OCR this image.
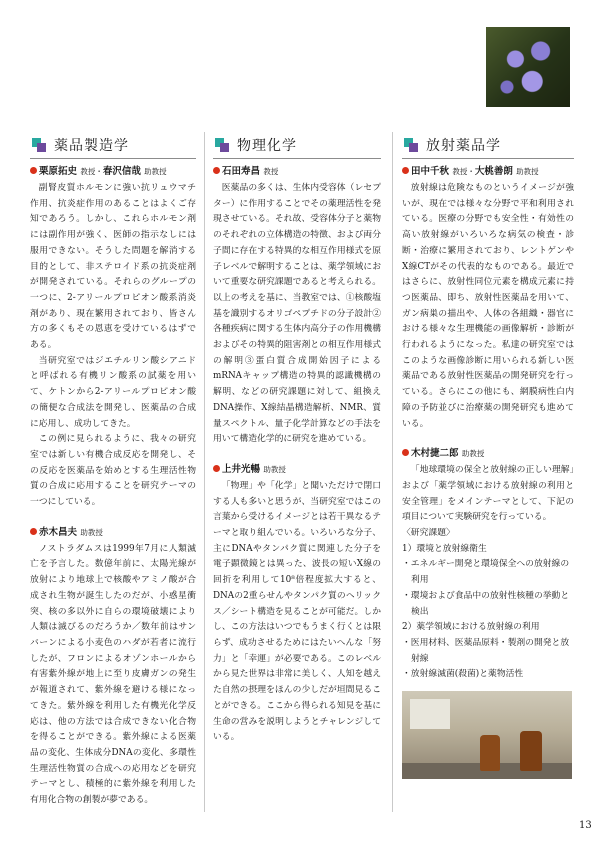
薬品製造学
栗原拓史 教授・春沢信哉 助教授

副腎皮質ホルモンに強い抗リュウマチ作用、抗炎症作用のあることはよくご存知であろう。しかし、これらホルモン剤には副作用が強く、医師の指示なしには服用できない。そうした問題を解消する目的として、非ステロイド系の抗炎症剤が開発されている。それらのグループの一つに、2-アリールプロピオン酸系消炎剤があり、現在繁用されており、皆さん方の多くもその恩恵を受けているはずである。

当研究室ではジエチルリン酸シアニドと呼ばれる有機リン酸系の試薬を用いて、ケトンから2-アリールプロピオン酸の簡便な合成法を開発し、医薬品の合成に応用し、成功してきた。

この例に見られるように、我々の研究室では新しい有機合成反応を開発し、その反応を医薬品を始めとする生理活性物質の合成に応用することを研究テーマの一つにしている。

赤木昌夫 助教授

ノストラダムスは1999年7月に人類滅亡を予言した。数億年前に、太陽光線が放射により地球上で核酸やアミノ酸が合成され生物が誕生したのだが、小惑星衝突、核の多以外に自らの環境破壊により人類は滅びるのだろうか／数年前はサンバーンによる小麦色のハダが若者に流行したが、フロンによるオゾンホールから有害紫外線が地上に至り皮膚ガンの発生が報道されて、紫外線を避ける様になってきた。紫外線を利用した有機光化学反応は、他の方法では合成できない化合物を得ることができる。紫外線による医薬品の変化、生体成分DNAの変化、多環性生理活性物質の合成への応用などを研究テーマとし、積極的に紫外線を利用した有用化合物の創製が夢である。

物理化学
石田寿昌 教授

医薬品の多くは、生体内受容体（レセプター）に作用することでその薬理活性を発現させている。それ故、受容体分子と薬物のそれぞれの立体構造の特徴、および両分子間に存在する特異的な相互作用様式を原子レベルで解明することは、薬学領域において重要な研究課題であると考えられる。以上の考えを基に、当教室では、①核酸塩基を識別するオリゴペプチドの分子設計②各種疾病に関する生体内高分子の作用機構およびその特異的阻害剤との相互作用様式の解明③蛋白質合成開始因子によるmRNAキャップ構造の特異的認識機構の解明、などの研究課題に対して、組換えDNA操作、X線結晶構造解析、NMR、質量スペクトル、量子化学計算などの手法を用いて構造化学的に研究を進めている。

上井光暢 助教授

「物理」や「化学」と聞いただけで閉口する人も多いと思うが、当研究室ではこの言葉から受けるイメージとは若干異なるテーマと取り組んでいる。いろいろな分子、主にDNAやタンパク質に関連した分子を電子顕微鏡とは異った、波長の短いX線の回折を利用して10⁸倍程度拡大すると、DNAの2重らせんやタンパク質のヘリックス／シート構造を見ることが可能だ。しかし、この方法はいつでもうまく行くとは限らず、成功させるためにはたいへんな「努力」と「幸運」が必要である。このレベルから見た世界は非常に美しく、人知を越えた自然の摂理をほんの少しだが垣間見ることができる。ここから得られる知見を基に生命の営みを説明しようとチャレンジしている。

放射薬品学
田中千秋 教授・大桃善朗 助教授

放射線は危険なものというイメージが強いが、現在では様々な分野で平和利用されている。医療の分野でも安全性・有効性の高い放射線がいろいろな病気の検査・診断・治療に繁用されており、レントゲンやX線CTがその代表的なものである。最近ではさらに、放射性同位元素を構成元素に持つ医薬品、即ち、放射性医薬品を用いて、ガン病巣の描出や、人体の各組織・器官における様々な生理機能の画像解析・診断が行われるようになった。私達の研究室ではこのような画像診断に用いられる新しい医薬品である放射性医薬品の開発研究を行っている。さらにこの他にも、網膜病性白内障の予防並びに治療薬の開発研究も進めている。

木村捷二郎 助教授

「地球環境の保全と放射線の正しい理解」および「薬学領域における放射線の利用と安全管理」をメインテーマとして、下記の項目について実験研究を行っている。

〈研究課題〉

1）環境と放射線衛生

・エネルギー開発と環境保全への放射線の利用

・環境および食品中の放射性核種の挙動と検出

2）薬学領域における放射線の利用

・医用材料、医薬品原料・製剤の開発と放射線

・放射線滅菌(殺菌)と薬物活性

13
